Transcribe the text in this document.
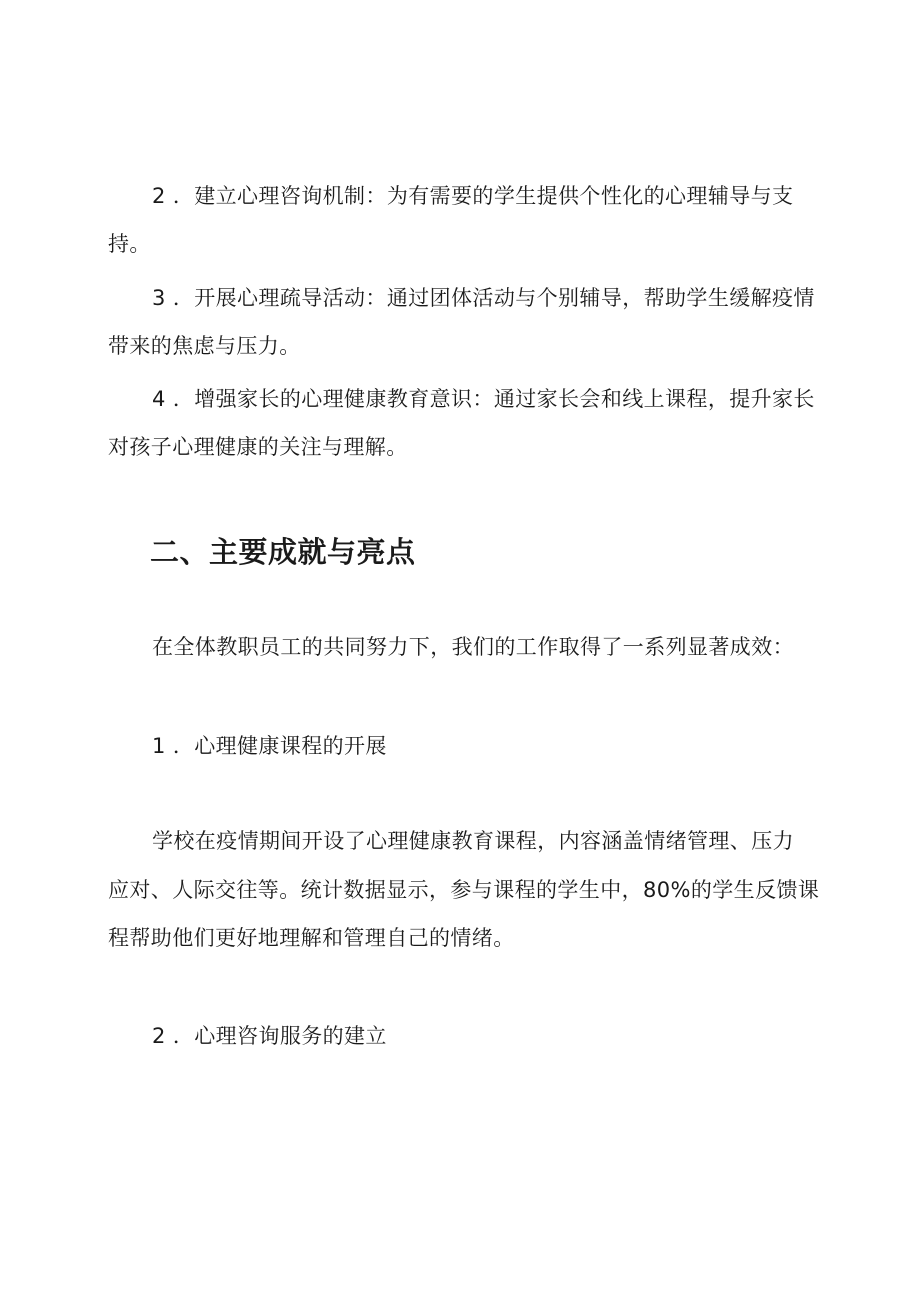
2 ．建立心理咨询机制：为有需要的学生提供个性化的心理辅导与支
持。
3 ．开展心理疏导活动：通过团体活动与个别辅导，帮助学生缓解疫情
带来的焦虑与压力。
4 ．增强家长的心理健康教育意识：通过家长会和线上课程，提升家长
对孩子心理健康的关注与理解。
二、主要成就与亮点
在全体教职员工的共同努力下，我们的工作取得了一系列显著成效：
1 ．心理健康课程的开展
学校在疫情期间开设了心理健康教育课程，内容涵盖情绪管理、压力
应对、人际交往等。统计数据显示，参与课程的学生中，80%的学生反馈课
程帮助他们更好地理解和管理自己的情绪。
2 ．心理咨询服务的建立
